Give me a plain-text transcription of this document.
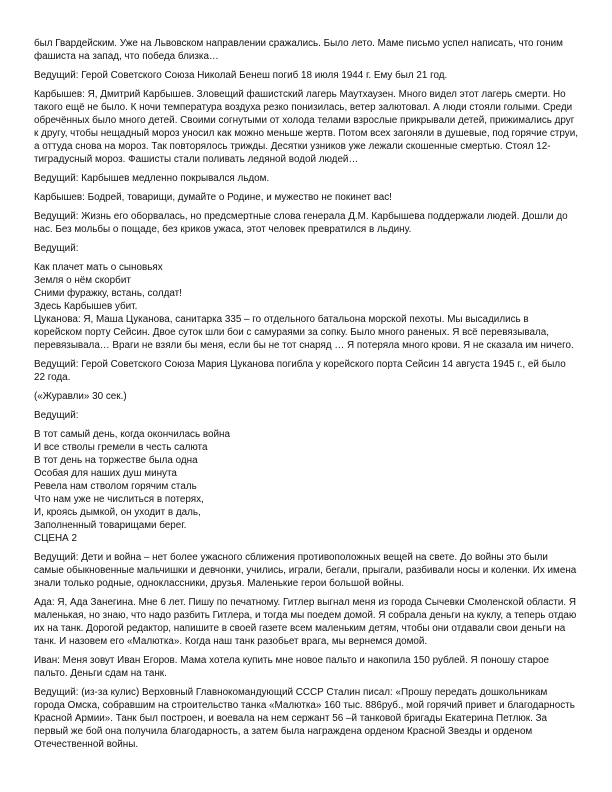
был Гвардейским. Уже на Львовском направлении сражались. Было лето. Маме письмо успел написать, что гоним фашиста на запад, что победа близка…

Ведущий: Герой Советского Союза Николай Бенеш погиб 18 июля 1944 г. Ему был 21 год.

Карбышев: Я, Дмитрий Карбышев. Зловещий фашистский лагерь Маутхаузен. Много видел этот лагерь смерти. Но такого ещё не было. К ночи температура воздуха резко понизилась, ветер залютовал. А люди стояли голыми. Среди обречённых было много детей. Своими согнутыми от холода телами взрослые прикрывали детей, прижимались друг к другу, чтобы нещадный мороз уносил как можно меньше жертв. Потом всех загоняли в душевые, под горячие струи, а оттуда снова на мороз. Так повторялось трижды. Десятки узников уже лежали скошенные смертью. Стоял 12-тиградусный мороз. Фашисты стали поливать ледяной водой людей…

Ведущий: Карбышев медленно покрывался льдом.

Карбышев: Бодрей, товарищи, думайте о Родине, и мужество не покинет вас!

Ведущий: Жизнь его оборвалась, но предсмертные слова генерала Д.М. Карбышева поддержали людей. Дошли до нас. Без мольбы о пощаде, без криков ужаса, этот человек превратился в льдину.

Ведущий:

Как плачет мать о сыновьях
Земля о нём скорбит
Сними фуражку, встань, солдат!
Здесь Карбышев убит.
Цуканова: Я, Маша Цуканова, санитарка 335 – го отдельного батальона морской пехоты. Мы высадились в корейском порту Сейсин. Двое суток шли бои с самураями за сопку. Было много раненых. Я всё перевязывала, перевязывала… Враги не взяли бы меня, если бы не тот снаряд … Я потеряла много крови. Я не сказала им ничего.

Ведущий: Герой Советского Союза Мария Цуканова погибла у корейского порта Сейсин 14 августа 1945 г., ей было 22 года.

(«Журавли» 30 сек.)

Ведущий:

В тот самый день, когда окончилась война
И все стволы гремели в честь салюта
В тот день на торжестве была одна
Особая для наших душ минута
Ревела нам стволом горячим сталь
Что нам уже не числиться в потерях,
И, кроясь дымкой, он уходит в даль,
Заполненный товарищами берег.
СЦЕНА 2

Ведущий: Дети и война – нет более ужасного сближения противоположных вещей на свете. До войны это были самые обыкновенные мальчишки и девчонки, учились, играли, бегали, прыгали, разбивали носы и коленки. Их имена знали только родные, одноклассники, друзья. Маленькие герои большой войны.

Ада: Я, Ада Занегина. Мне 6 лет. Пишу по печатному. Гитлер выгнал меня из города Сычевки Смоленской области. Я маленькая, но знаю, что надо разбить Гитлера, и тогда мы поедем домой. Я собрала деньги на куклу, а теперь отдаю их на танк. Дорогой редактор, напишите в своей газете всем маленьким детям, чтобы они отдавали свои деньги на танк. И назовем его «Малютка». Когда наш танк разобьет врага, мы вернемся домой.

Иван: Меня зовут Иван Егоров. Мама хотела купить мне новое пальто и накопила 150 рублей. Я поношу старое пальто. Деньги сдам на танк.

Ведущий: (из-за кулис) Верховный Главнокомандующий СССР Сталин писал: «Прошу передать дошкольникам города Омска, собравшим на строительство танка «Малютка» 160 тыс. 886руб., мой горячий привет и благодарность Красной Армии». Танк был построен, и воевала на нем сержант 56 –й танковой бригады Екатерина Петлюк. За первый же бой она получила благодарность, а затем была награждена орденом Красной Звезды и орденом Отечественной войны.
